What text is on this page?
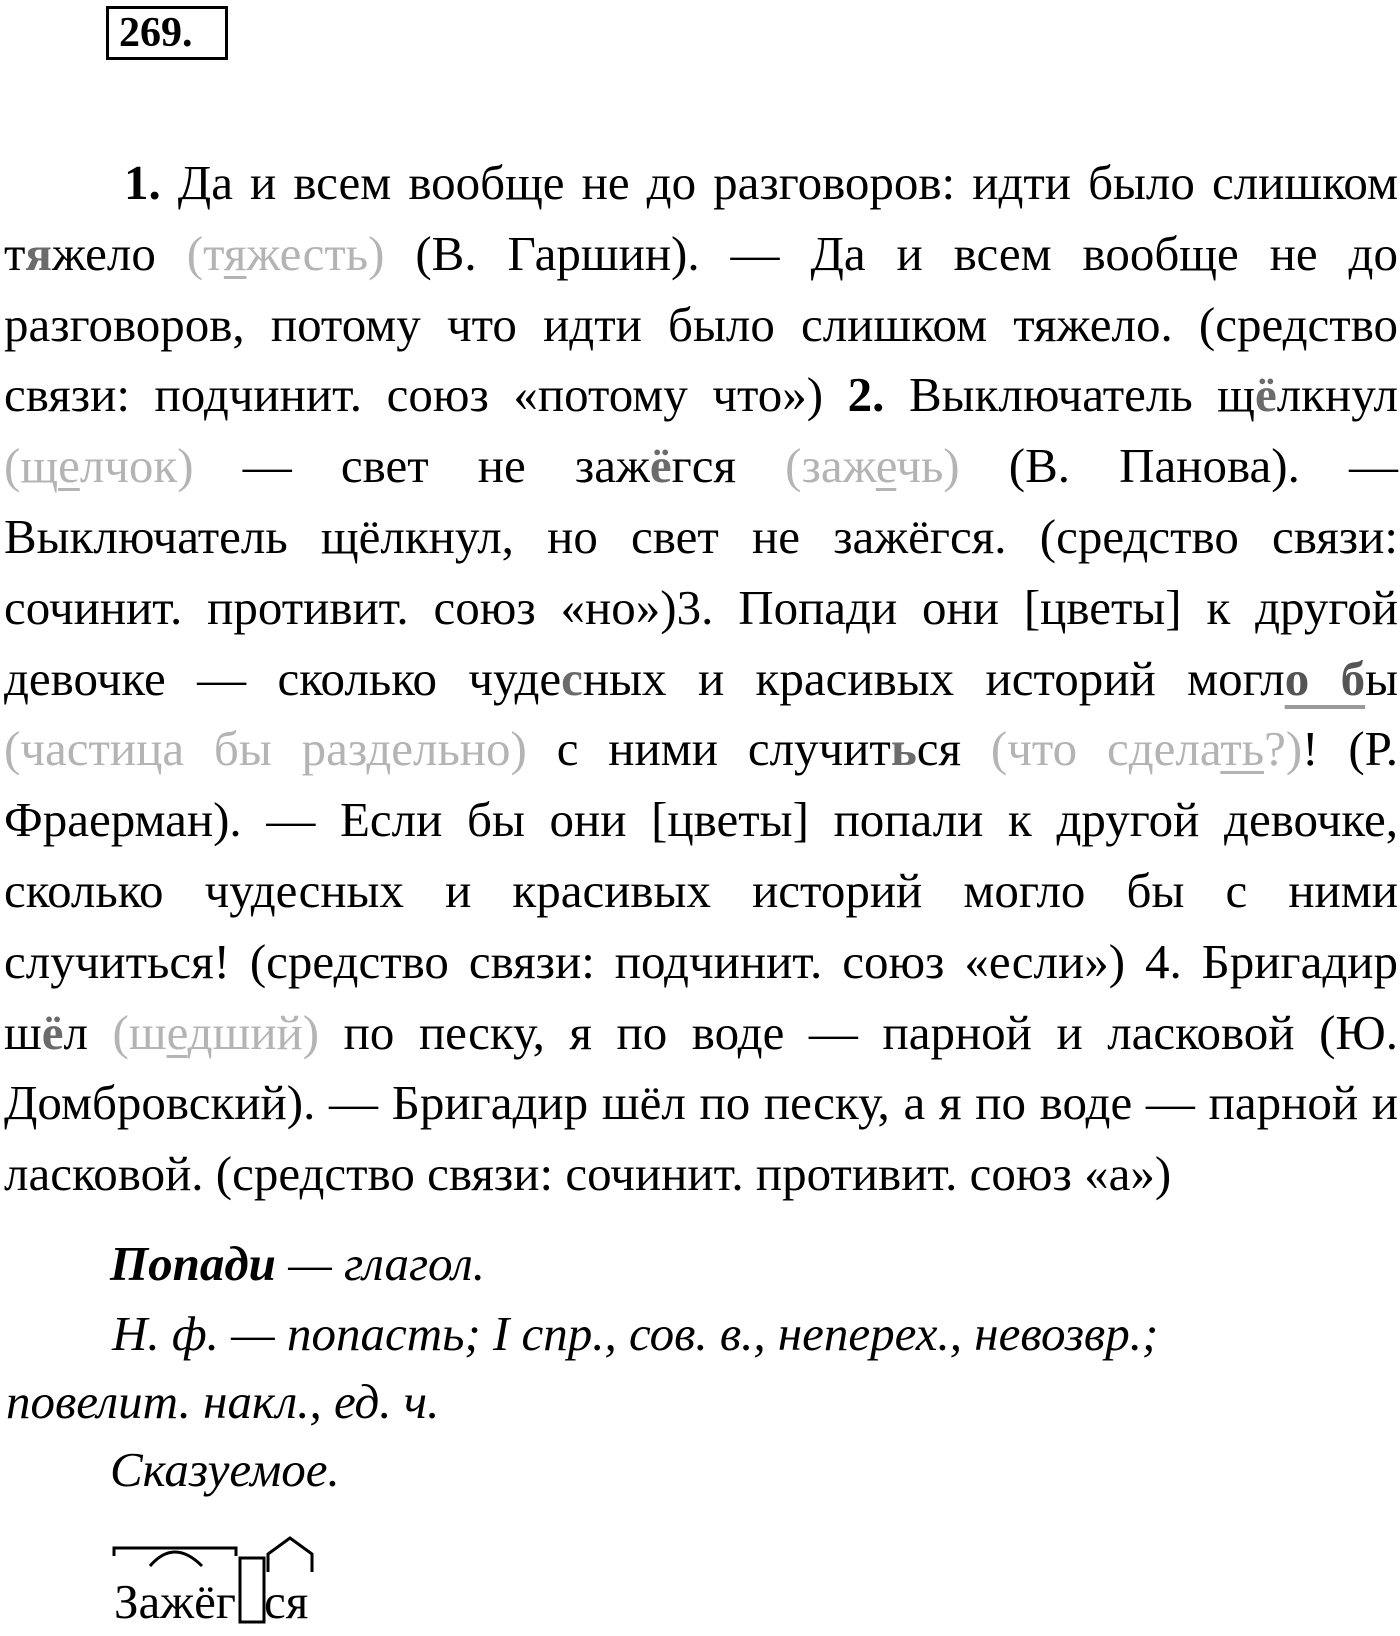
269.
1. Да и всем вообще не до разговоров: идти было слишком тяжело (тяжесть) (В. Гаршин). — Да и всем вообще не до разговоров, потому что идти было слишком тяжело. (средство связи: подчинит. союз «потому что») 2. Выключатель щёлкнул (щелчок) — свет не зажёгся (зажечь) (В. Панова). — Выключатель щёлкнул, но свет не зажёгся. (средство связи: сочинит. противит. союз «но»)3. Попади они [цветы] к другой девочке — сколько чудесных и красивых историй могло бы (частица бы раздельно) с ними случиться (что сделать?)! (Р. Фраерман). — Если бы они [цветы] попали к другой девочке, сколько чудесных и красивых историй могло бы с ними случиться! (средство связи: подчинит. союз «если») 4. Бригадир шёл (шедший) по песку, я по воде — парной и ласковой (Ю. Домбровский). — Бригадир шёл по песку, а я по воде — парной и ласковой. (средство связи: сочинит. противит. союз «а»)
Попади — глагол.
Н. ф. — попасть; I спр., сов. в., неперех., невозвр.;
повелит. накл., ед. ч.
Сказуемое.
Зажёг ся
